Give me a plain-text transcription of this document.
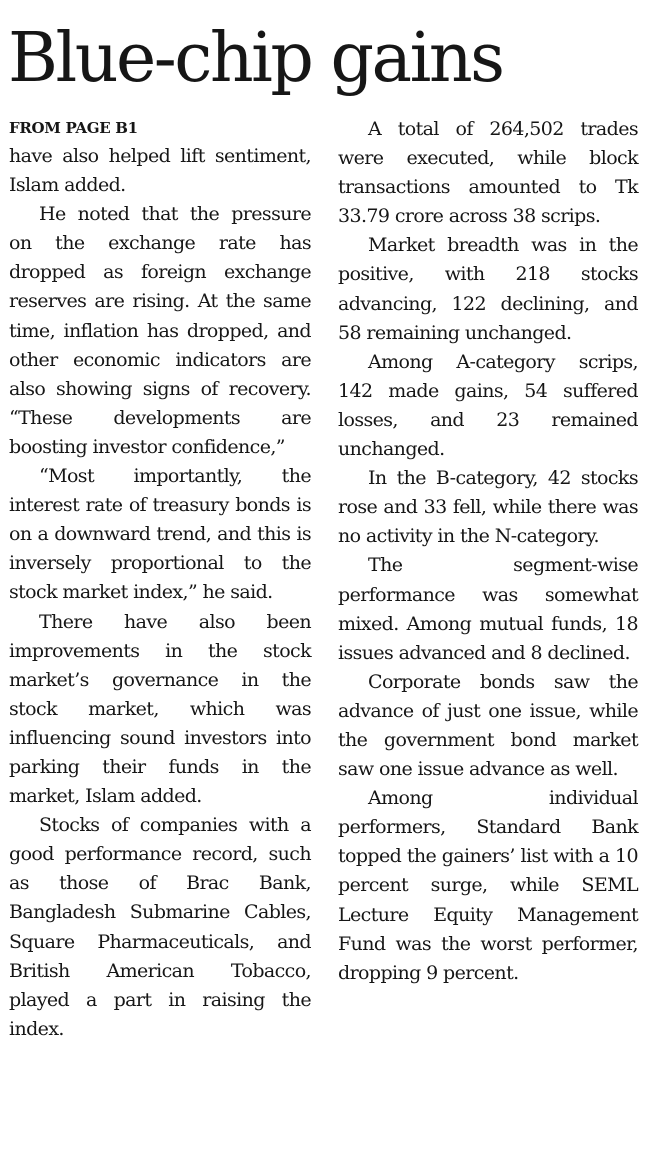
Blue-chip gains
FROM PAGE B1

have also helped lift sentiment, Islam added.

He noted that the pressure on the exchange rate has dropped as foreign exchange reserves are rising. At the same time, inflation has dropped, and other economic indicators are also showing signs of recovery. “These developments are boosting investor confidence,”

“Most importantly, the interest rate of treasury bonds is on a downward trend, and this is inversely proportional to the stock market index,” he said.

There have also been improvements in the stock market’s governance in the stock market, which was influencing sound investors into parking their funds in the market, Islam added.

Stocks of companies with a good performance record, such as those of Brac Bank, Bangladesh Submarine Cables, Square Pharmaceuticals, and British American Tobacco, played a part in raising the index.

A total of 264,502 trades were executed, while block transactions amounted to Tk 33.79 crore across 38 scrips.

Market breadth was in the positive, with 218 stocks advancing, 122 declining, and 58 remaining unchanged.

Among A-category scrips, 142 made gains, 54 suffered losses, and 23 remained unchanged.

In the B-category, 42 stocks rose and 33 fell, while there was no activity in the N-category.

The segment-wise performance was somewhat mixed. Among mutual funds, 18 issues advanced and 8 declined.

Corporate bonds saw the advance of just one issue, while the government bond market saw one issue advance as well.

Among individual performers, Standard Bank topped the gainers’ list with a 10 percent surge, while SEML Lecture Equity Management Fund was the worst performer, dropping 9 percent.
